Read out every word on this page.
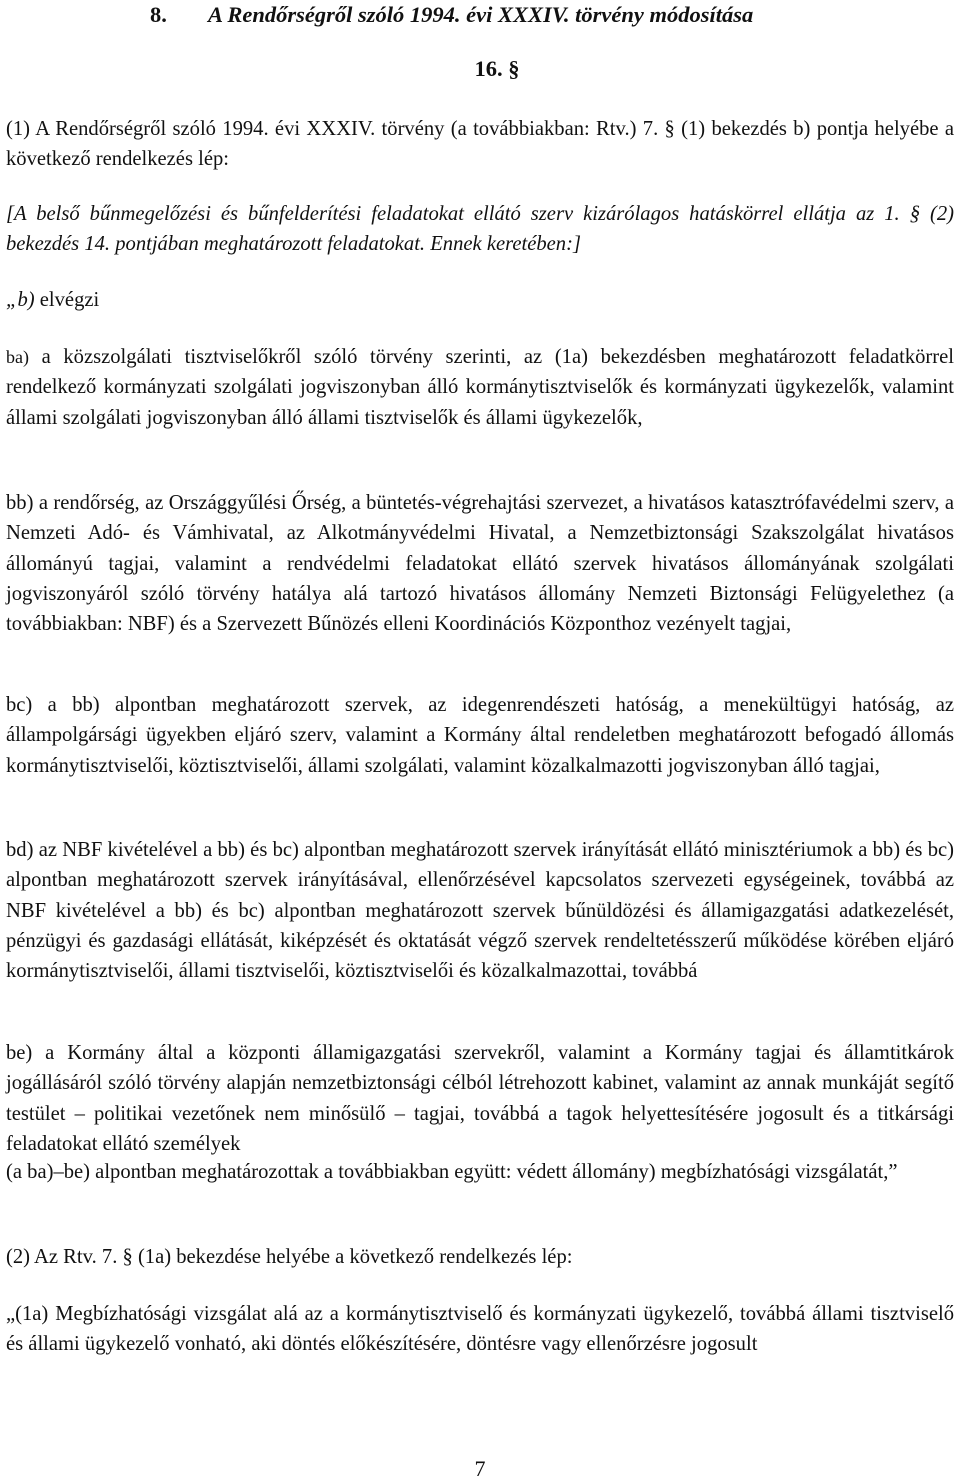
8. A Rendőrségről szóló 1994. évi XXXIV. törvény módosítása
16. §

(1) A Rendőrségről szóló 1994. évi XXXIV. törvény (a továbbiakban: Rtv.) 7. § (1) bekezdés b) pontja helyébe a következő rendelkezés lép:

[A belső bűnmegelőzési és bűnfelderítési feladatokat ellátó szerv kizárólagos hatáskörrel ellátja az 1. § (2) bekezdés 14. pontjában meghatározott feladatokat. Ennek keretében:]

„b) elvégzi

ba) a közszolgálati tisztviselőkről szóló törvény szerinti, az (1a) bekezdésben meghatározott feladatkörrel rendelkező kormányzati szolgálati jogviszonyban álló kormánytisztviselők és kormányzati ügykezelők, valamint állami szolgálati jogviszonyban álló állami tisztviselők és állami ügykezelők,

bb) a rendőrség, az Országgyűlési Őrség, a büntetés-végrehajtási szervezet, a hivatásos katasztrófavédelmi szerv, a Nemzeti Adó- és Vámhivatal, az Alkotmányvédelmi Hivatal, a Nemzetbiztonsági Szakszolgálat hivatásos állományú tagjai, valamint a rendvédelmi feladatokat ellátó szervek hivatásos állományának szolgálati jogviszonyáról szóló törvény hatálya alá tartozó hivatásos állomány Nemzeti Biztonsági Felügyelethez (a továbbiakban: NBF) és a Szervezett Bűnözés elleni Koordinációs Központhoz vezényelt tagjai,

bc) a bb) alpontban meghatározott szervek, az idegenrendészeti hatóság, a menekültügyi hatóság, az állampolgársági ügyekben eljáró szerv, valamint a Kormány által rendeletben meghatározott befogadó állomás kormánytisztviselői, köztisztviselői, állami szolgálati, valamint közalkalmazotti jogviszonyban álló tagjai,

bd) az NBF kivételével a bb) és bc) alpontban meghatározott szervek irányítását ellátó minisztériumok a bb) és bc) alpontban meghatározott szervek irányításával, ellenőrzésével kapcsolatos szervezeti egységeinek, továbbá az NBF kivételével a bb) és bc) alpontban meghatározott szervek bűnüldözési és államigazgatási adatkezelését, pénzügyi és gazdasági ellátását, kiképzését és oktatását végző szervek rendeltetésszerű működése körében eljáró kormánytisztviselői, állami tisztviselői, köztisztviselői és közalkalmazottai, továbbá

be) a Kormány által a központi államigazgatási szervekről, valamint a Kormány tagjai és államtitkárok jogállásáról szóló törvény alapján nemzetbiztonsági célból létrehozott kabinet, valamint az annak munkáját segítő testület – politikai vezetőnek nem minősülő – tagjai, továbbá a tagok helyettesítésére jogosult és a titkársági feladatokat ellátó személyek

(a ba)–be) alpontban meghatározottak a továbbiakban együtt: védett állomány) megbízhatósági vizsgálatát,”

(2) Az Rtv. 7. § (1a) bekezdése helyébe a következő rendelkezés lép:

„(1a) Megbízhatósági vizsgálat alá az a kormánytisztviselő és kormányzati ügykezelő, továbbá állami tisztviselő és állami ügykezelő vonható, aki döntés előkészítésére, döntésre vagy ellenőrzésre jogosult

7
